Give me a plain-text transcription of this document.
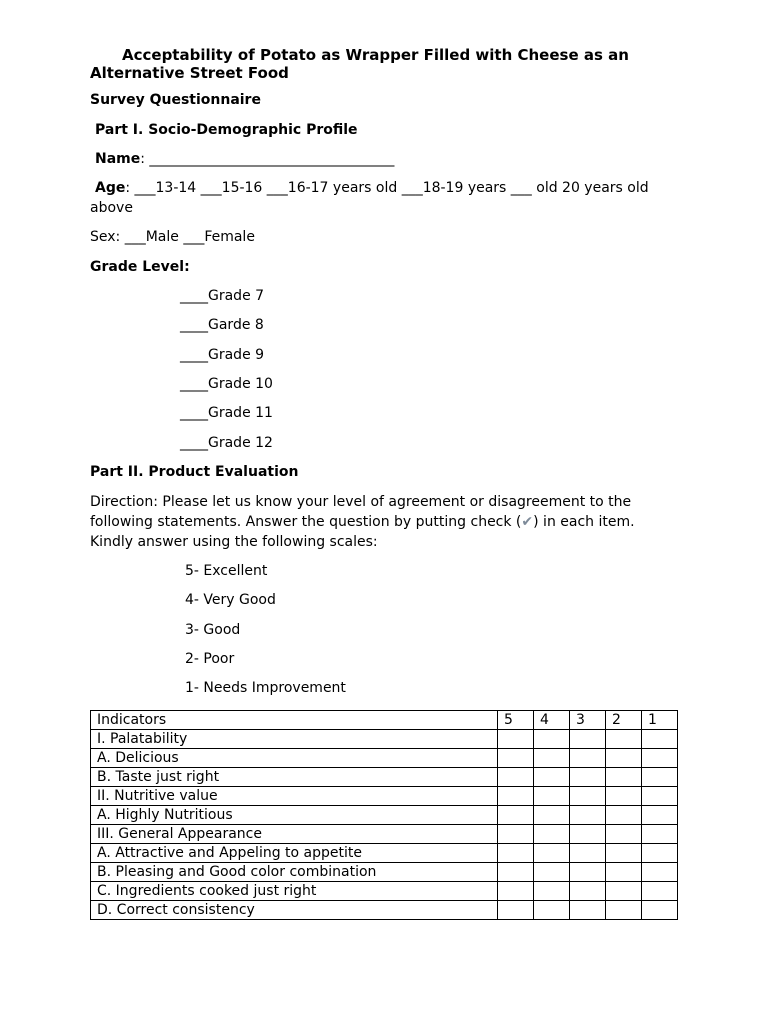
Acceptability of Potato as Wrapper Filled with Cheese as an
Alternative Street Food
Survey Questionnaire
Part I. Socio-Demographic Profile
Name: ___________________________________
Age: ___13-14 ___15-16 ___16-17 years old ___18-19 years ___ old 20 years old
above
Sex: ___Male ___Female
Grade Level:
____Grade 7
____Garde 8
____Grade 9
____Grade 10
____Grade 11
____Grade 12
Part II. Product Evaluation
Direction: Please let us know your level of agreement or disagreement to the
following statements. Answer the question by putting check (✔) in each item.
Kindly answer using the following scales:
5- Excellent
4- Very Good
3- Good
2- Poor
1- Needs Improvement
Indicators	5	4	3	2	1
I. Palatability					
A. Delicious					
B. Taste just right					
II. Nutritive value					
A. Highly Nutritious					
III. General Appearance					
A. Attractive and Appeling to appetite					
B. Pleasing and Good color combination					
C. Ingredients cooked just right					
D. Correct consistency					
